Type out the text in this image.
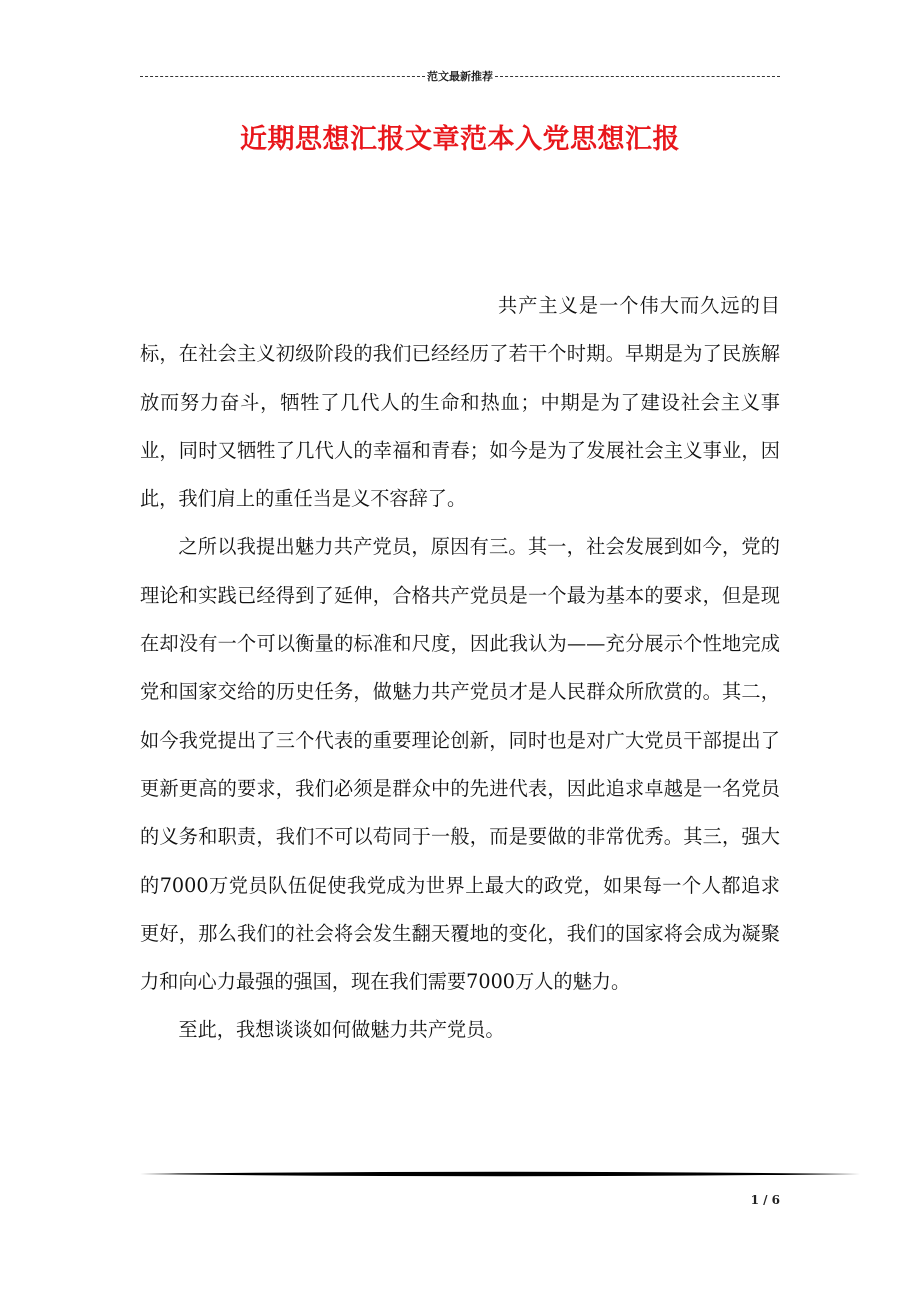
范文最新推荐
近期思想汇报文章范本入党思想汇报

共产主义是一个伟大而久远的目标，在社会主义初级阶段的我们已经经历了若干个时期。早期是为了民族解放而努力奋斗，牺牲了几代人的生命和热血；中期是为了建设社会主义事业，同时又牺牲了几代人的幸福和青春；如今是为了发展社会主义事业，因此，我们肩上的重任当是义不容辞了。

之所以我提出魅力共产党员，原因有三。其一，社会发展到如今，党的理论和实践已经得到了延伸，合格共产党员是一个最为基本的要求，但是现在却没有一个可以衡量的标准和尺度，因此我认为——充分展示个性地完成党和国家交给的历史任务，做魅力共产党员才是人民群众所欣赏的。其二，如今我党提出了三个代表的重要理论创新，同时也是对广大党员干部提出了更新更高的要求，我们必须是群众中的先进代表，因此追求卓越是一名党员的义务和职责，我们不可以苟同于一般，而是要做的非常优秀。其三，强大的7000万党员队伍促使我党成为世界上最大的政党，如果每一个人都追求更好，那么我们的社会将会发生翻天覆地的变化，我们的国家将会成为凝聚力和向心力最强的强国，现在我们需要7000万人的魅力。

至此，我想谈谈如何做魅力共产党员。

1 / 6
